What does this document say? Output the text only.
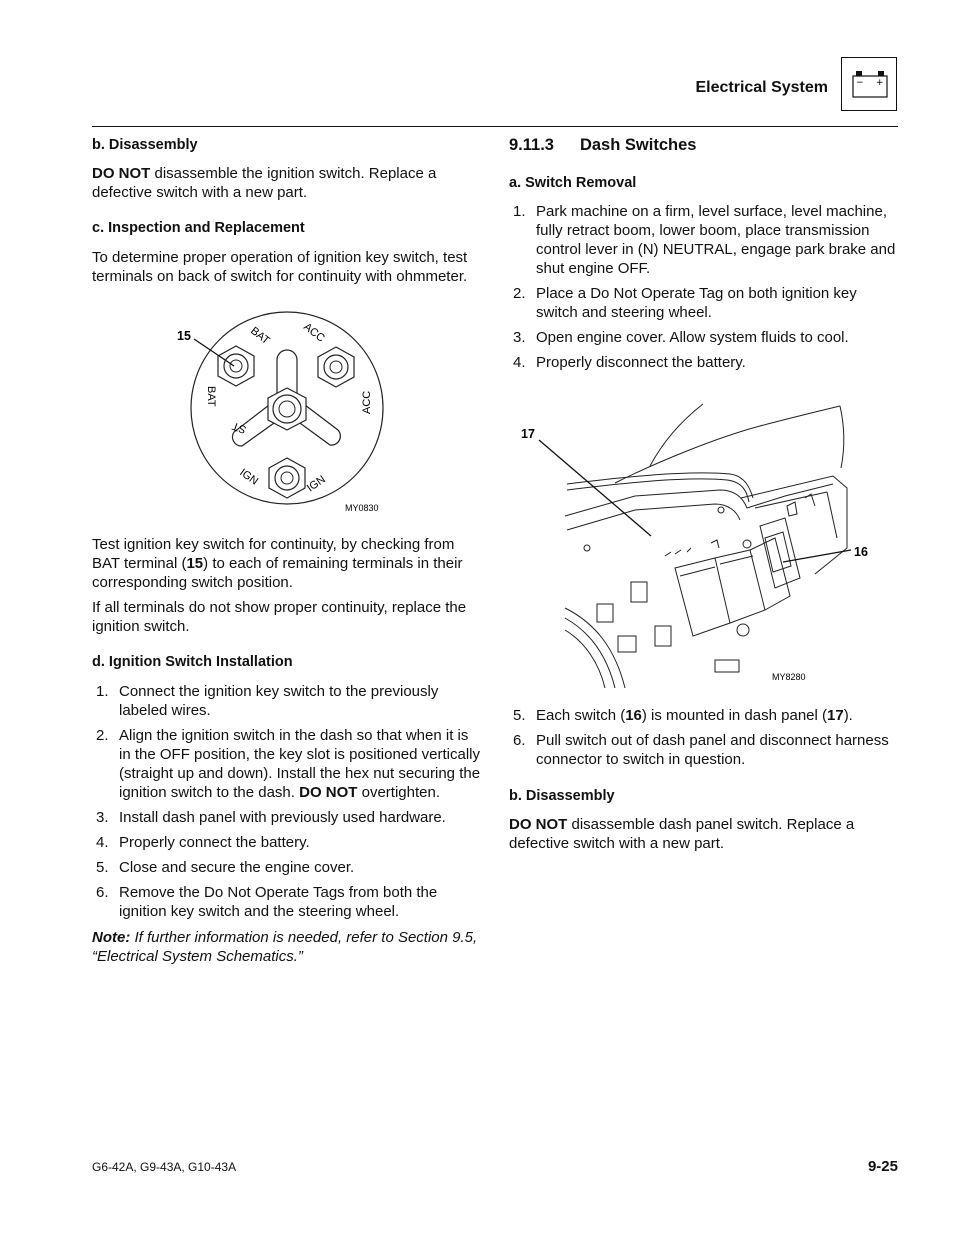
Electrical System	− +
b. Disassembly
DO NOT disassemble the ignition switch. Replace a defective switch with a new part.
c. Inspection and Replacement
To determine proper operation of ignition key switch, test terminals on back of switch for continuity with ohmmeter.
15	BAT	ACC
BAT	ACC
ST
IGN	IGN
MY0830
Test ignition key switch for continuity, by checking from BAT terminal (15) to each of remaining terminals in their corresponding switch position.
If all terminals do not show proper continuity, replace the ignition switch.
d. Ignition Switch Installation
1. Connect the ignition key switch to the previously labeled wires.
2. Align the ignition switch in the dash so that when it is in the OFF position, the key slot is positioned vertically (straight up and down). Install the hex nut securing the ignition switch to the dash. DO NOT overtighten.
3. Install dash panel with previously used hardware.
4. Properly connect the battery.
5. Close and secure the engine cover.
6. Remove the Do Not Operate Tags from both the ignition key switch and the steering wheel.
Note: If further information is needed, refer to Section 9.5, “Electrical System Schematics.”
9.11.3 Dash Switches
a. Switch Removal
1. Park machine on a firm, level surface, level machine, fully retract boom, lower boom, place transmission control lever in (N) NEUTRAL, engage park brake and shut engine OFF.
2. Place a Do Not Operate Tag on both ignition key switch and steering wheel.
3. Open engine cover. Allow system fluids to cool.
4. Properly disconnect the battery.
17
16
MY8280
5. Each switch (16) is mounted in dash panel (17).
6. Pull switch out of dash panel and disconnect harness connector to switch in question.
b. Disassembly
DO NOT disassemble dash panel switch. Replace a defective switch with a new part.
G6-42A, G9-43A, G10-43A	9-25
